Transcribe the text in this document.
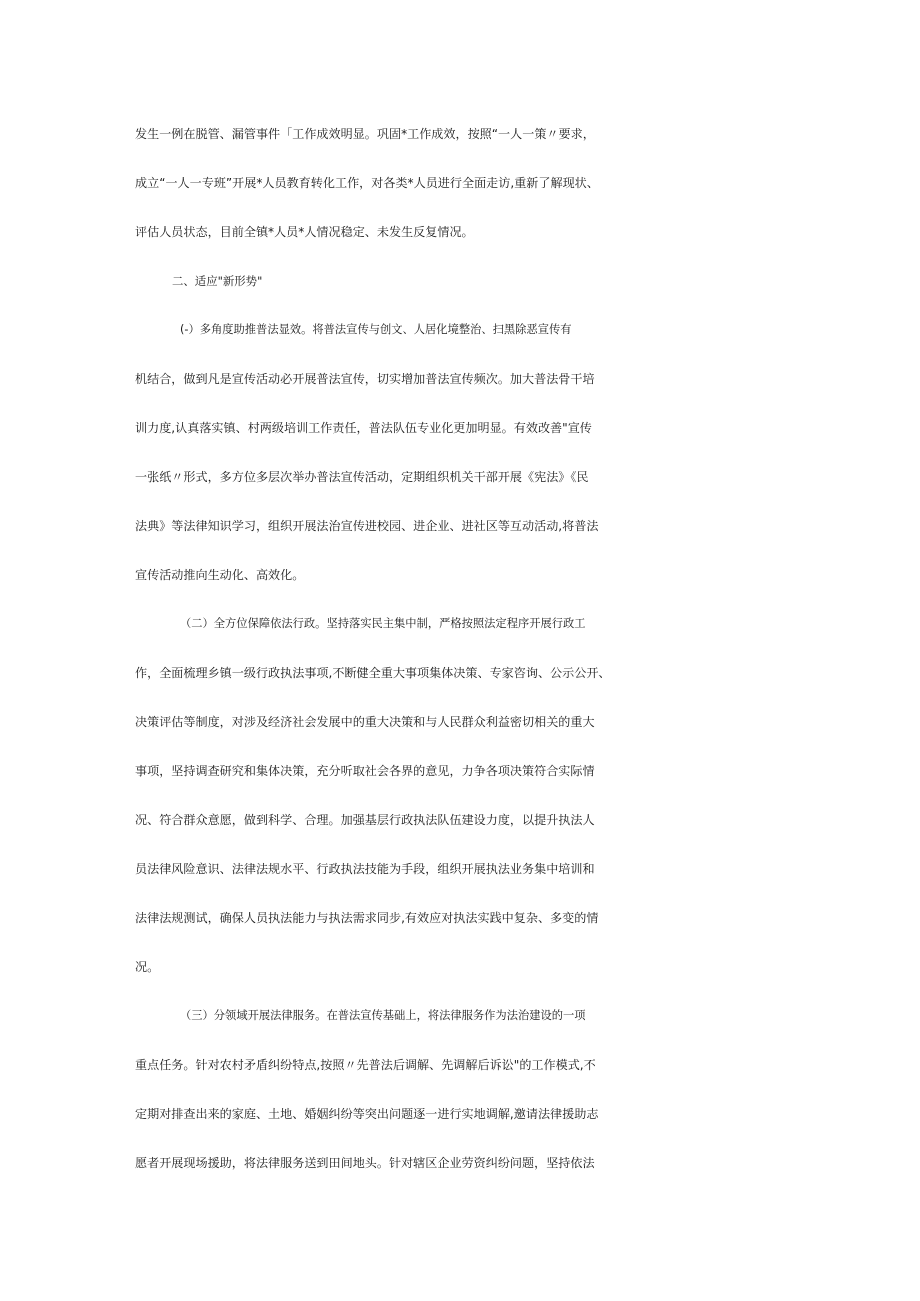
发生一例在脱管、漏管事件「工作成效明显。巩固*工作成效，按照“一人一策〃要求，
成立“一人一专班”开展*人员教育转化工作，对各类*人员进行全面走访,重新了解现状、
评估人员状态，目前全镇*人员*人情况稳定、未发生反复情况。
二、适应"新形势"
(-）多角度助推普法显效。将普法宣传与创文、人居化境整治、扫黑除恶宣传有
机结合，做到凡是宣传活动必开展普法宣传，切实增加普法宣传频次。加大普法骨干培
训力度,认真落实镇、村两级培训工作责任，普法队伍专业化更加明显。有效改善"宣传
一张纸〃形式，多方位多层次举办普法宣传活动，定期组织机关干部开展《宪法》《民
法典》等法律知识学习，组织开展法治宣传进校园、进企业、进社区等互动活动,将普法
宣传活动推向生动化、高效化。
（二）全方位保障依法行政。坚持落实民主集中制，严格按照法定程序开展行政工
作，全面梳理乡镇一级行政执法事项,不断健全重大事项集体决策、专家咨询、公示公开、
决策评估等制度，对涉及经济社会发展中的重大决策和与人民群众利益密切相关的重大
事项，坚持调查研究和集体决策，充分听取社会各界的意见，力争各项决策符合实际情
况、符合群众意愿，做到科学、合理。加强基层行政执法队伍建设力度，以提升执法人
员法律风险意识、法律法规水平、行政执法技能为手段，组织开展执法业务集中培训和
法律法规测试，确保人员执法能力与执法需求同步,有效应对执法实践中复杂、多变的情
况。
（三）分领域开展法律服务。在普法宣传基础上，将法律服务作为法治建设的一项
重点任务。针对农村矛盾纠纷特点,按照〃先普法后调解、先调解后诉讼"的工作模式,不
定期对排查出来的家庭、土地、婚姻纠纷等突出问题逐一进行实地调解,邀请法律援助志
愿者开展现场援助，将法律服务送到田间地头。针对辖区企业劳资纠纷问题，坚持依法
